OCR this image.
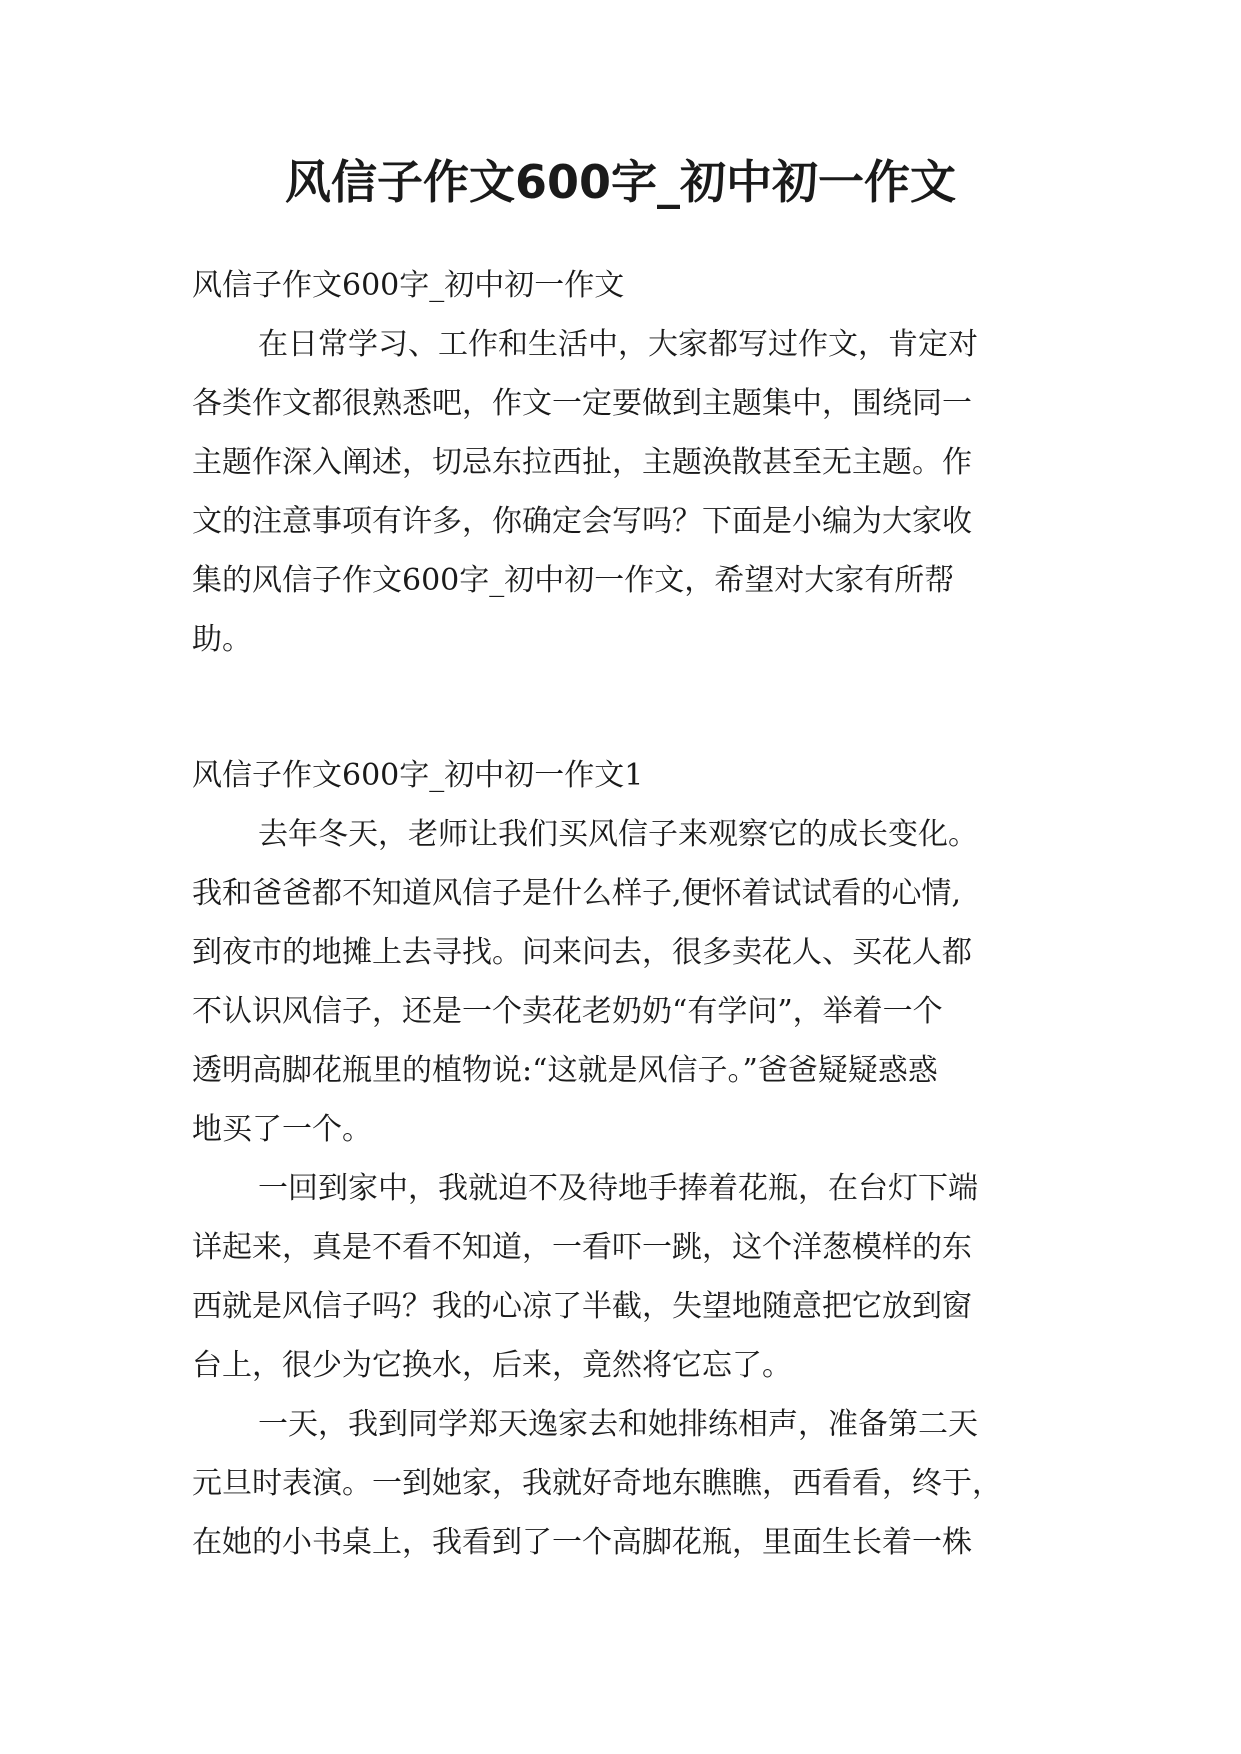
风信子作文600字_初中初一作文
风信子作文600字_初中初一作文
在日常学习、工作和生活中，大家都写过作文，肯定对
各类作文都很熟悉吧，作文一定要做到主题集中，围绕同一
主题作深入阐述，切忌东拉西扯，主题涣散甚至无主题。作
文的注意事项有许多，你确定会写吗？下面是小编为大家收
集的风信子作文600字_初中初一作文，希望对大家有所帮
助。
风信子作文600字_初中初一作文1
去年冬天，老师让我们买风信子来观察它的成长变化。
我和爸爸都不知道风信子是什么样子,便怀着试试看的心情,
到夜市的地摊上去寻找。问来问去，很多卖花人、买花人都
不认识风信子，还是一个卖花老奶奶“有学问”，举着一个
透明高脚花瓶里的植物说:“这就是风信子。”爸爸疑疑惑惑
地买了一个。
一回到家中，我就迫不及待地手捧着花瓶，在台灯下端
详起来，真是不看不知道，一看吓一跳，这个洋葱模样的东
西就是风信子吗？我的心凉了半截，失望地随意把它放到窗
台上，很少为它换水，后来，竟然将它忘了。
一天，我到同学郑天逸家去和她排练相声，准备第二天
元旦时表演。一到她家，我就好奇地东瞧瞧，西看看，终于，
在她的小书桌上，我看到了一个高脚花瓶，里面生长着一株
